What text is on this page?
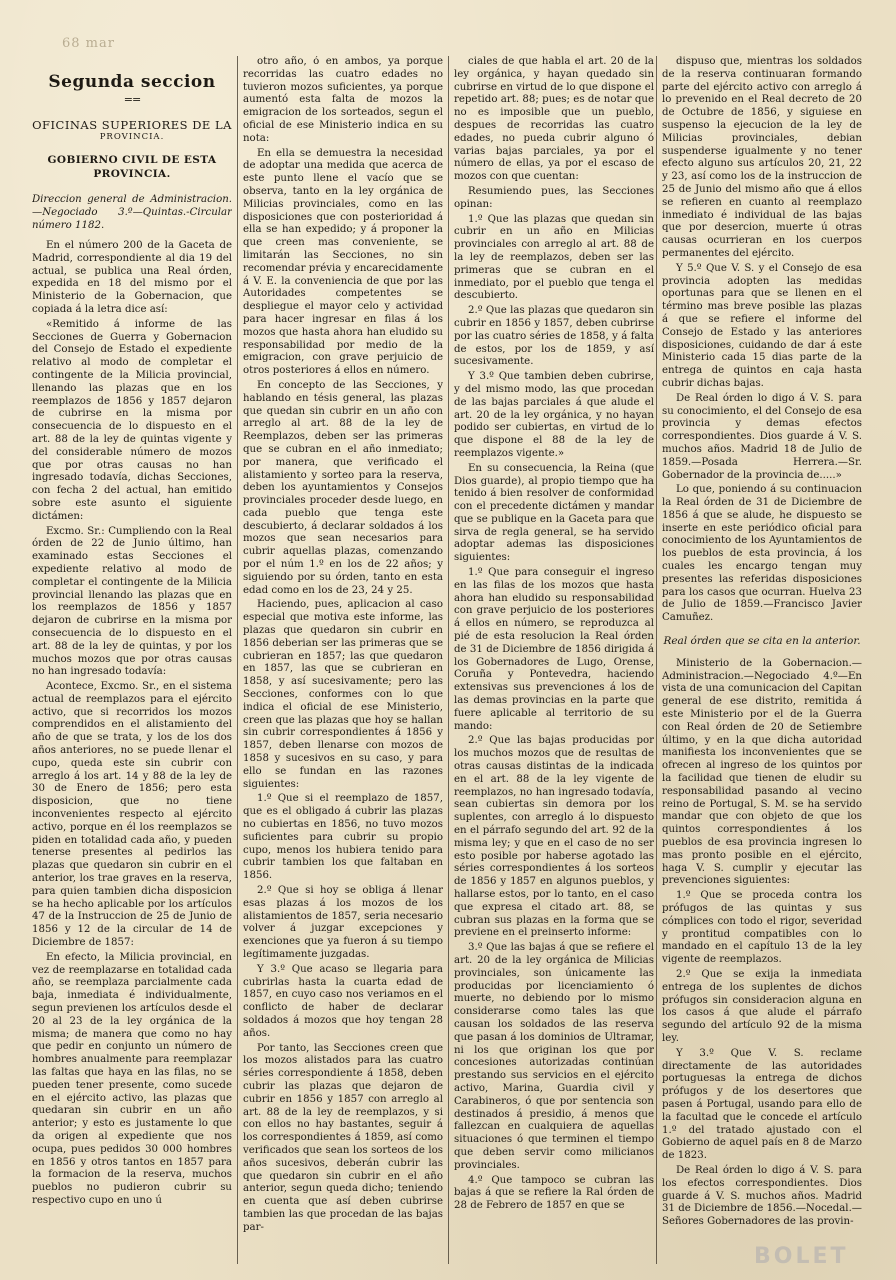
68 mar
Segunda seccion
==
OFICINAS SUPERIORES DE LA
PROVINCIA.
GOBIERNO CIVIL DE ESTA PROVINCIA.
Direccion general de Administracion. —Negociado 3.º—Quintas.-Circular número 1182.

En el número 200 de la Gaceta de Madrid, correspondiente al dia 19 del actual, se publica una Real órden, expedida en 18 del mismo por el Ministerio de la Gobernacion, que copiada á la letra dice así:

«Remitido á informe de las Secciones de Guerra y Gobernacion del Consejo de Estado el expediente relativo al modo de completar el contingente de la Milicia provincial, llenando las plazas que en los reemplazos de 1856 y 1857 dejaron de cubrirse en la misma por consecuencia de lo dispuesto en el art. 88 de la ley de quintas vigente y del considerable número de mozos que por otras causas no han ingresado todavía, dichas Secciones, con fecha 2 del actual, han emitido sobre este asunto el siguiente dictámen:

Excmo. Sr.: Cumpliendo con la Real órden de 22 de Junio último, han examinado estas Secciones el expediente relativo al modo de completar el contingente de la Milicia provincial llenando las plazas que en los reemplazos de 1856 y 1857 dejaron de cubrirse en la misma por consecuencia de lo dispuesto en el art. 88 de la ley de quintas, y por los muchos mozos que por otras causas no han ingresado todavía:

Acontece, Excmo. Sr., en el sistema actual de reemplazos para el ejército activo, que si recorridos los mozos comprendidos en el alistamiento del año de que se trata, y los de los dos años anteriores, no se puede llenar el cupo, queda este sin cubrir con arreglo á los art. 14 y 88 de la ley de 30 de Enero de 1856; pero esta disposicion, que no tiene inconvenientes respecto al ejército activo, porque en él los reemplazos se piden en totalidad cada año, y pueden tenerse presentes al pedirlos las plazas que quedaron sin cubrir en el anterior, los trae graves en la reserva, para quien tambien dicha disposicion se ha hecho aplicable por los artículos 47 de la Instruccion de 25 de Junio de 1856 y 12 de la circular de 14 de Diciembre de 1857:

En efecto, la Milicia provincial, en vez de reemplazarse en totalidad cada año, se reemplaza parcialmente cada baja, inmediata é individualmente, segun previenen los artículos desde el 20 al 23 de la ley orgánica de la misma; de manera que como no hay que pedir en conjunto un número de hombres anualmente para reemplazar las faltas que haya en las filas, no se pueden tener presente, como sucede en el ejército activo, las plazas que quedaran sin cubrir en un año anterior; y esto es justamente lo que da origen al expediente que nos ocupa, pues pedidos 30 000 hombres en 1856 y otros tantos en 1857 para la formacion de la reserva, muchos pueblos no pudieron cubrir su respectivo cupo en uno ú

otro año, ó en ambos, ya porque recorridas las cuatro edades no tuvieron mozos suficientes, ya porque aumentó esta falta de mozos la emigracion de los sorteados, segun el oficial de ese Ministerio indica en su nota:

En ella se demuestra la necesidad de adoptar una medida que acerca de este punto llene el vacío que se observa, tanto en la ley orgánica de Milicias provinciales, como en las disposiciones que con posterioridad á ella se han expedido; y á proponer la que creen mas conveniente, se limitarán las Secciones, no sin recomendar prévia y encarecidamente á V. E. la conveniencia de que por las Autoridades competentes se despliegue el mayor celo y actividad para hacer ingresar en filas á los mozos que hasta ahora han eludido su responsabilidad por medio de la emigracion, con grave perjuicio de otros posteriores á ellos en número.

En concepto de las Secciones, y hablando en tésis general, las plazas que quedan sin cubrir en un año con arreglo al art. 88 de la ley de Reemplazos, deben ser las primeras que se cubran en el año inmediato; por manera, que verificado el alistamiento y sorteo para la reserva, deben los ayuntamientos y Consejos provinciales proceder desde luego, en cada pueblo que tenga este descubierto, á declarar soldados á los mozos que sean necesarios para cubrir aquellas plazas, comenzando por el núm 1.º en los de 22 años; y siguiendo por su órden, tanto en esta edad como en los de 23, 24 y 25.

Haciendo, pues, aplicacion al caso especial que motiva este informe, las plazas que quedaron sin cubrir en 1856 deberian ser las primeras que se cubrieran en 1857; las que quedaron en 1857, las que se cubrieran en 1858, y así sucesivamente; pero las Secciones, conformes con lo que indica el oficial de ese Ministerio, creen que las plazas que hoy se hallan sin cubrir correspondientes á 1856 y 1857, deben llenarse con mozos de 1858 y sucesivos en su caso, y para ello se fundan en las razones siguientes:

1.º Que si el reemplazo de 1857, que es el obligado á cubrir las plazas no cubiertas en 1856, no tuvo mozos suficientes para cubrir su propio cupo, menos los hubiera tenido para cubrir tambien los que faltaban en 1856.

2.º Que si hoy se obliga á llenar esas plazas á los mozos de los alistamientos de 1857, seria necesario volver á juzgar excepciones y exenciones que ya fueron á su tiempo legítimamente juzgadas.

Y 3.º Que acaso se llegaria para cubrirlas hasta la cuarta edad de 1857, en cuyo caso nos veriamos en el conflicto de haber de declarar soldados á mozos que hoy tengan 28 años.

Por tanto, las Secciones creen que los mozos alistados para las cuatro séries correspondiente á 1858, deben cubrir las plazas que dejaron de cubrir en 1856 y 1857 con arreglo al art. 88 de la ley de reemplazos, y si con ellos no hay bastantes, seguir á los correspondientes á 1859, así como verificados que sean los sorteos de los años sucesivos, deberán cubrir las que quedaron sin cubrir en el año anterior, segun queda dicho; teniendo en cuenta que así deben cubrirse tambien las que procedan de las bajas par-

ciales de que habla el art. 20 de la ley orgánica, y hayan quedado sin cubrirse en virtud de lo que dispone el repetido art. 88; pues; es de notar que no es imposible que un pueblo, despues de recorridas las cuatro edades, no pueda cubrir alguno ó varias bajas parciales, ya por el número de ellas, ya por el escaso de mozos con que cuentan:

Resumiendo pues, las Secciones opinan:

1.º Que las plazas que quedan sin cubrir en un año en Milicias provinciales con arreglo al art. 88 de la ley de reemplazos, deben ser las primeras que se cubran en el inmediato, por el pueblo que tenga el descubierto.

2.º Que las plazas que quedaron sin cubrir en 1856 y 1857, deben cubrirse por las cuatro séries de 1858, y á falta de estos, por los de 1859, y así sucesivamente.

Y 3.º Que tambien deben cubrirse, y del mismo modo, las que procedan de las bajas parciales á que alude el art. 20 de la ley orgánica, y no hayan podido ser cubiertas, en virtud de lo que dispone el 88 de la ley de reemplazos vigente.»

En su consecuencia, la Reina (que Dios guarde), al propio tiempo que ha tenido á bien resolver de conformidad con el precedente dictámen y mandar que se publique en la Gaceta para que sirva de regla general, se ha servido adoptar ademas las disposiciones siguientes:

1.º Que para conseguir el ingreso en las filas de los mozos que hasta ahora han eludido su responsabilidad con grave perjuicio de los posteriores á ellos en número, se reproduzca al pié de esta resolucion la Real órden de 31 de Diciembre de 1856 dirigida á los Gobernadores de Lugo, Orense, Coruña y Pontevedra, haciendo extensivas sus prevenciones á los de las demas provincias en la parte que fuere aplicable al territorio de su mando:

2.º Que las bajas producidas por los muchos mozos que de resultas de otras causas distintas de la indicada en el art. 88 de la ley vigente de reemplazos, no han ingresado todavía, sean cubiertas sin demora por los suplentes, con arreglo á lo dispuesto en el párrafo segundo del art. 92 de la misma ley; y que en el caso de no ser esto posible por haberse agotado las séries correspondientes á los sorteos de 1856 y 1857 en algunos pueblos, y hallarse estos, por lo tanto, en el caso que expresa el citado art. 88, se cubran sus plazas en la forma que se previene en el preinserto informe:

3.º Que las bajas á que se refiere el art. 20 de la ley orgánica de Milicias provinciales, son únicamente las producidas por licenciamiento ó muerte, no debiendo por lo mismo considerarse como tales las que causan los soldados de las reserva que pasan á los dominios de Ultramar, ni los que originan los que por concesiones autorizadas continúan prestando sus servicios en el ejército activo, Marina, Guardia civil y Carabineros, ó que por sentencia son destinados á presidio, á menos que fallezcan en cualquiera de aquellas situaciones ó que terminen el tiempo que deben servir como milicianos provinciales.

4.º Que tampoco se cubran las bajas á que se refiere la Ral órden de 28 de Febrero de 1857 en que se

dispuso que, mientras los soldados de la reserva continuaran formando parte del ejército activo con arreglo á lo prevenido en el Real decreto de 20 de Octubre de 1856, y siguiese en suspenso la ejecucion de la ley de Milicias provinciales, debian suspenderse igualmente y no tener efecto alguno sus artículos 20, 21, 22 y 23, así como los de la instruccion de 25 de Junio del mismo año que á ellos se refieren en cuanto al reemplazo inmediato é individual de las bajas que por desercion, muerte ú otras causas ocurrieran en los cuerpos permanentes del ejército.

Y 5.º Que V. S. y el Consejo de esa provincia adopten las medidas oportunas para que se llenen en el término mas breve posible las plazas á que se refiere el informe del Consejo de Estado y las anteriores disposiciones, cuidando de dar á este Ministerio cada 15 dias parte de la entrega de quintos en caja hasta cubrir dichas bajas.

De Real órden lo digo á V. S. para su conocimiento, el del Consejo de esa provincia y demas efectos correspondientes. Dios guarde á V. S. muchos años. Madrid 18 de Julio de 1859.—Posada Herrera.—Sr. Gobernador de la provincia de.....»

Lo que, poniendo á su continuacion la Real órden de 31 de Diciembre de 1856 á que se alude, he dispuesto se inserte en este periódico oficial para conocimiento de los Ayuntamientos de los pueblos de esta provincia, á los cuales les encargo tengan muy presentes las referidas disposiciones para los casos que ocurran. Huelva 23 de Julio de 1859.—Francisco Javier Camuñez.

Real órden que se cita en la anterior.

Ministerio de la Gobernacion.—Administracion.—Negociado 4.º—En vista de una comunicacion del Capitan general de ese distrito, remitida á este Ministerio por el de la Guerra con Real órden de 20 de Setiembre último, y en la que dicha autoridad manifiesta los inconvenientes que se ofrecen al ingreso de los quintos por la facilidad que tienen de eludir su responsabilidad pasando al vecino reino de Portugal, S. M. se ha servido mandar que con objeto de que los quintos correspondientes á los pueblos de esa provincia ingresen lo mas pronto posible en el ejército, haga V. S. cumplir y ejecutar las prevenciones siguientes:

1.º Que se proceda contra los prófugos de las quintas y sus cómplices con todo el rigor, severidad y prontitud compatibles con lo mandado en el capítulo 13 de la ley vigente de reemplazos.

2.º Que se exija la inmediata entrega de los suplentes de dichos prófugos sin consideracion alguna en los casos á que alude el párrafo segundo del artículo 92 de la misma ley.

Y 3.º Que V. S. reclame directamente de las autoridades portuguesas la entrega de dichos prófugos y de los desertores que pasen á Portugal, usando para ello de la facultad que le concede el artículo 1.º del tratado ajustado con el Gobierno de aquel país en 8 de Marzo de 1823.

De Real órden lo digo á V. S. para los efectos correspondientes. Dios guarde á V. S. muchos años. Madrid 31 de Diciembre de 1856.—Nocedal.—Señores Gobernadores de las provin-

BOLET
